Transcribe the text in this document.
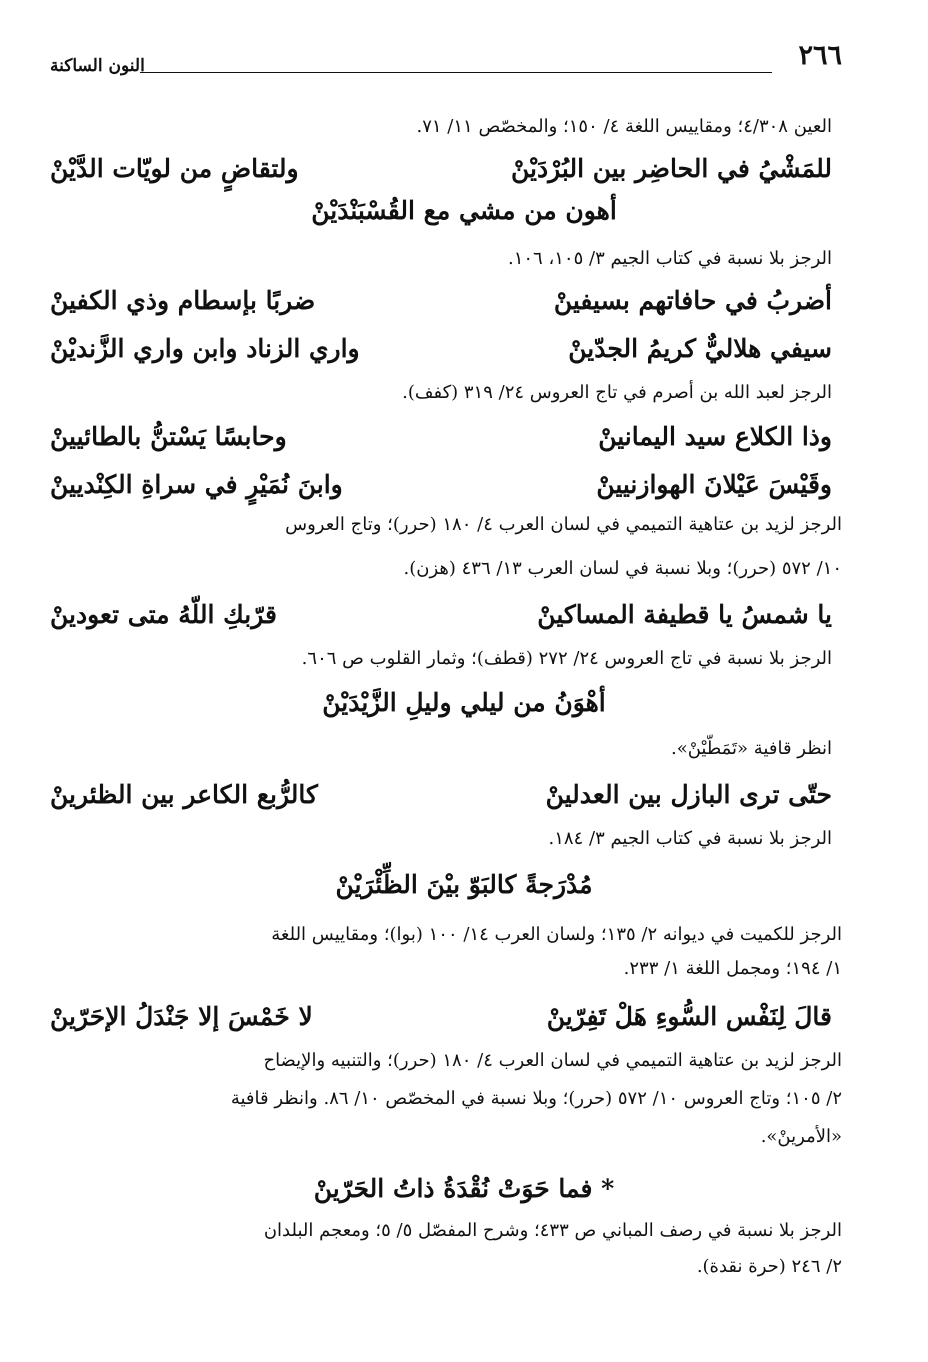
٢٦٦
النون الساكنة
العين ٤/٣٠٨؛ ومقاييس اللغة ٤/ ١٥٠؛ والمخصّص ١١/ ٧١.
للمَشْيُ في الحاضِر بين البُرْدَيْنْ
ولتقاضٍ من لويّات الدَّيْنْ
أهون من مشي مع القُسْبَنْدَيْنْ
الرجز بلا نسبة في كتاب الجيم ٣/ ١٠٥، ١٠٦.
أضربُ في حافاتهم بسيفينْ
ضربًا بإسطام وذي الكفينْ
سيفي هلاليٌّ كريمُ الجدّينْ
واري الزناد وابن واري الزَّنديْنْ
الرجز لعبد الله بن أصرم في تاج العروس ٢٤/ ٣١٩ (كفف).
وذا الكلاع سيد اليمانينْ
وحابسًا يَسْتنُّ بالطائيينْ
وقَيْسَ عَيْلانَ الهوازنيينْ
وابنَ نُمَيْرٍ في سراةِ الكِنْديينْ
الرجز لزيد بن عتاهية التميمي في لسان العرب ٤/ ١٨٠ (حرر)؛ وتاج العروس
١٠/ ٥٧٢ (حرر)؛ وبلا نسبة في لسان العرب ١٣/ ٤٣٦ (هزن).
يا شمسُ يا قطيفة المساكينْ
قرّبكِ اللّهُ متى تعودينْ
الرجز بلا نسبة في تاج العروس ٢٤/ ٢٧٢ (قطف)؛ وثمار القلوب ص ٦٠٦.
أهْوَنُ من ليلي وليلِ الزَّيْدَيْنْ
انظر قافية «تَمَطّيْنْ».
حتّى ترى البازل بين العدلينْ
كالرُّبع الكاعر بين الظئرينْ
الرجز بلا نسبة في كتاب الجيم ٣/ ١٨٤.
مُدْرَجةً كالبَوّ بيْنَ الظِّئْرَيْنْ
الرجز للكميت في ديوانه ٢/ ١٣٥؛ ولسان العرب ١٤/ ١٠٠ (بوا)؛ ومقاييس اللغة
١/ ١٩٤؛ ومجمل اللغة ١/ ٢٣٣.
قالَ لِنَفْس السُّوءِ هَلْ تَفِرّينْ
لا خَمْسَ إلا جَنْدَلُ الإحَرّينْ
الرجز لزيد بن عتاهية التميمي في لسان العرب ٤/ ١٨٠ (حرر)؛ والتنبيه والإيضاح
٢/ ١٠٥؛ وتاج العروس ١٠/ ٥٧٢ (حرر)؛ وبلا نسبة في المخصّص ١٠/ ٨٦. وانظر قافية
«الأمرينْ».
* فما حَوَتْ نُقْدَةُ ذاتُ الحَرّينْ
الرجز بلا نسبة في رصف المباني ص ٤٣٣؛ وشرح المفصّل ٥/ ٥؛ ومعجم البلدان
٢/ ٢٤٦ (حرة نقدة).
